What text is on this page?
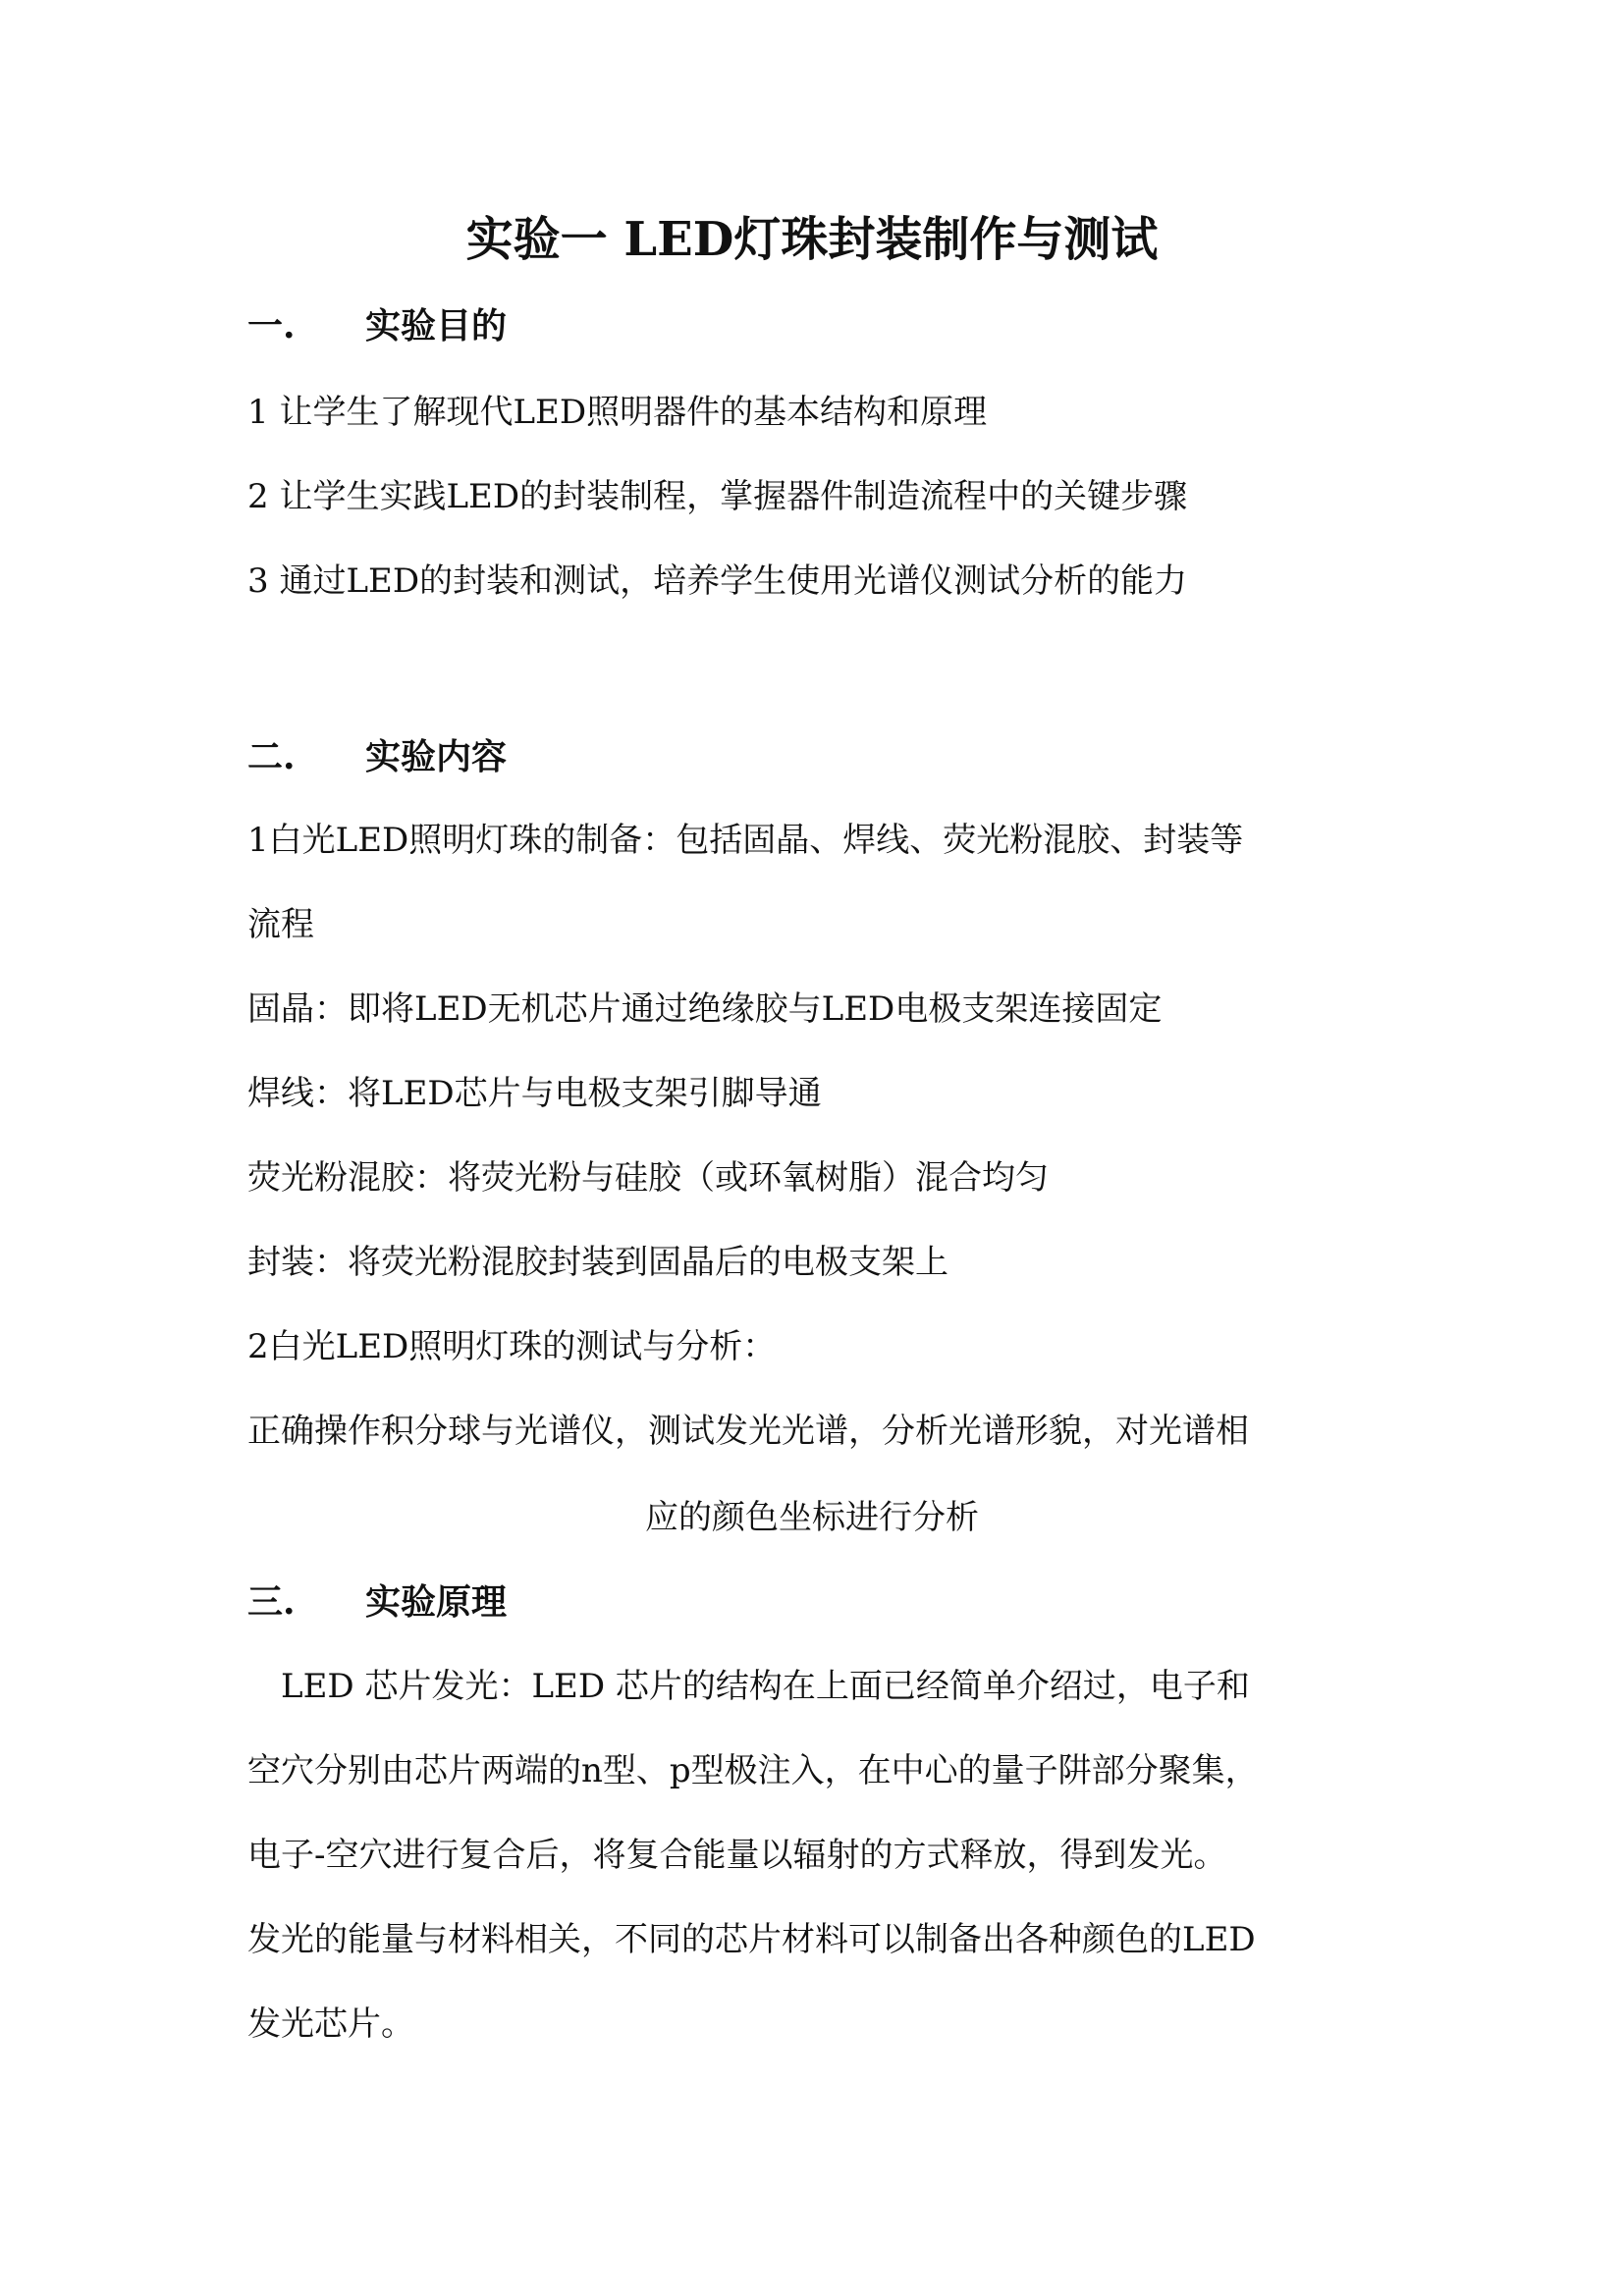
实验一 LED灯珠封装制作与测试
一. 实验目的

1 让学生了解现代LED照明器件的基本结构和原理

2 让学生实践LED的封装制程，掌握器件制造流程中的关键步骤

3 通过LED的封装和测试，培养学生使用光谱仪测试分析的能力

二. 实验内容

1白光LED照明灯珠的制备：包括固晶、焊线、荧光粉混胶、封装等

流程

固晶：即将LED无机芯片通过绝缘胶与LED电极支架连接固定

焊线：将LED芯片与电极支架引脚导通

荧光粉混胶：将荧光粉与硅胶（或环氧树脂）混合均匀

封装：将荧光粉混胶封装到固晶后的电极支架上

2白光LED照明灯珠的测试与分析：

正确操作积分球与光谱仪，测试发光光谱，分析光谱形貌，对光谱相

应的颜色坐标进行分析

三. 实验原理

　LED 芯片发光：LED 芯片的结构在上面已经简单介绍过，电子和

空穴分别由芯片两端的n型、p型极注入，在中心的量子阱部分聚集，

电子-空穴进行复合后，将复合能量以辐射的方式释放，得到发光。

发光的能量与材料相关，不同的芯片材料可以制备出各种颜色的LED

发光芯片。
